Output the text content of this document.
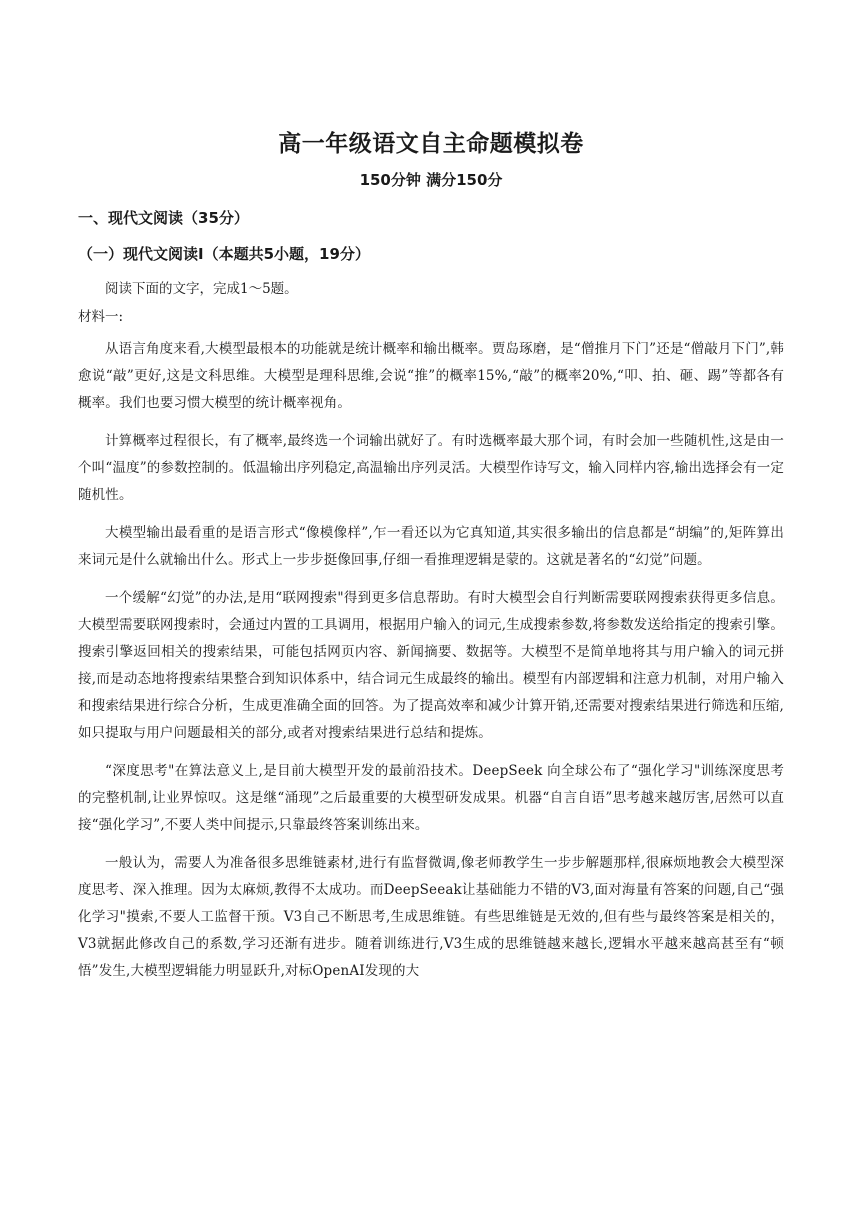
高一年级语文自主命题模拟卷
150分钟 满分150分
一、现代文阅读（35分）
（一）现代文阅读Ⅰ（本题共5小题，19分）

阅读下面的文字，完成1～5题。

材料一:

从语言角度来看,大模型最根本的功能就是统计概率和输出概率。贾岛琢磨，是“僧推月下门”还是“僧敲月下门”,韩愈说“敲”更好,这是文科思维。大模型是理科思维,会说“推”的概率15%,“敲”的概率20%,“叩、拍、砸、踢”等都各有概率。我们也要习惯大模型的统计概率视角。

计算概率过程很长，有了概率,最终选一个词输出就好了。有时选概率最大那个词，有时会加一些随机性,这是由一个叫“温度”的参数控制的。低温输出序列稳定,高温输出序列灵活。大模型作诗写文，输入同样内容,输出选择会有一定随机性。

大模型输出最看重的是语言形式“像模像样”,乍一看还以为它真知道,其实很多输出的信息都是“胡编”的,矩阵算出来词元是什么就输出什么。形式上一步步挺像回事,仔细一看推理逻辑是蒙的。这就是著名的“幻觉”问题。

一个缓解“幻觉”的办法,是用“联网搜索"得到更多信息帮助。有时大模型会自行判断需要联网搜索获得更多信息。大模型需要联网搜索时，会通过内置的工具调用，根据用户输入的词元,生成搜索参数,将参数发送给指定的搜索引擎。搜索引擎返回相关的搜索结果，可能包括网页内容、新闻摘要、数据等。大模型不是简单地将其与用户输入的词元拼接,而是动态地将搜索结果整合到知识体系中，结合词元生成最终的输出。模型有内部逻辑和注意力机制，对用户输入和搜索结果进行综合分析，生成更准确全面的回答。为了提高效率和减少计算开销,还需要对搜索结果进行筛选和压缩,如只提取与用户问题最相关的部分,或者对搜索结果进行总结和提炼。

“深度思考"在算法意义上,是目前大模型开发的最前沿技术。DeepSeek 向全球公布了“强化学习"训练深度思考的完整机制,让业界惊叹。这是继“涌现”之后最重要的大模型研发成果。机器“自言自语”思考越来越厉害,居然可以直接“强化学习”,不要人类中间提示,只靠最终答案训练出来。

一般认为，需要人为准备很多思维链素材,进行有监督微调,像老师教学生一步步解题那样,很麻烦地教会大模型深度思考、深入推理。因为太麻烦,教得不太成功。而DeepSeeak让基础能力不错的V3,面对海量有答案的问题,自己“强化学习"摸索,不要人工监督干预。V3自己不断思考,生成思维链。有些思维链是无效的,但有些与最终答案是相关的，V3就据此修改自己的系数,学习还渐有进步。随着训练进行,V3生成的思维链越来越长,逻辑水平越来越高甚至有“顿悟”发生,大模型逻辑能力明显跃升,对标OpenAI发现的大
